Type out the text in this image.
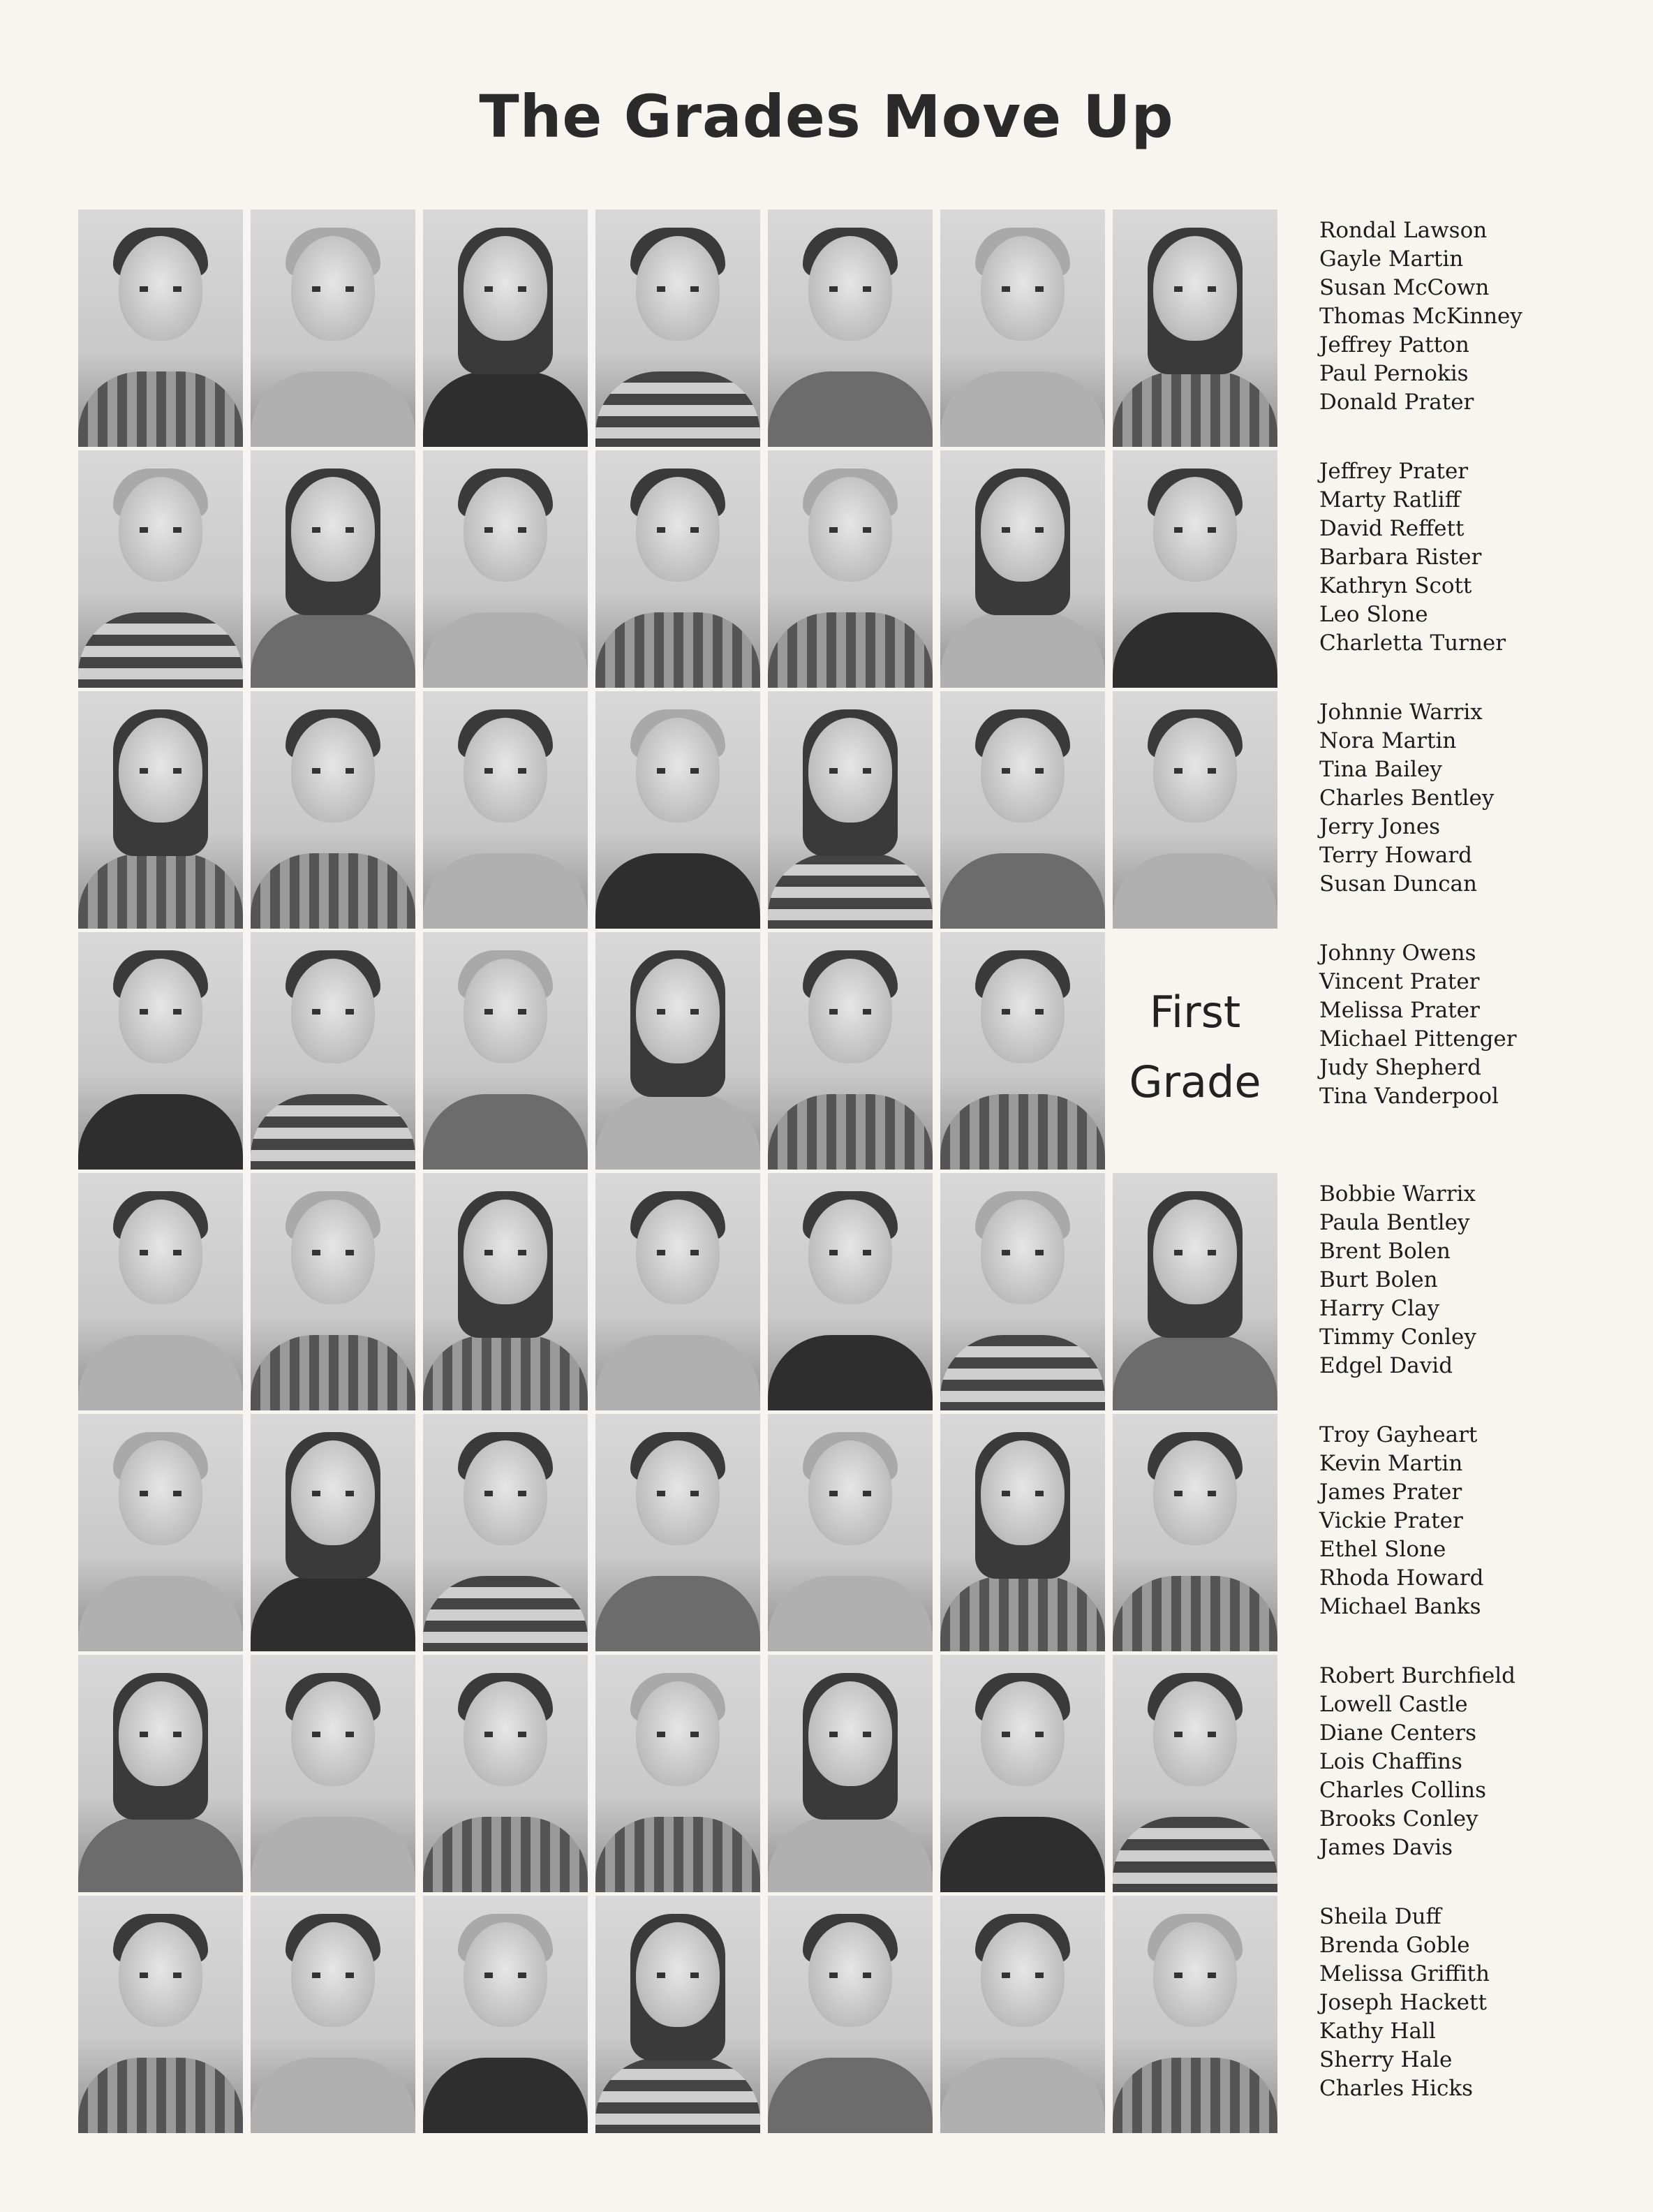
The Grades Move Up
First
Grade
Rondal Lawson
Gayle Martin
Susan McCown
Thomas McKinney
Jeffrey Patton
Paul Pernokis
Donald Prater
Jeffrey Prater
Marty Ratliff
David Reffett
Barbara Rister
Kathryn Scott
Leo Slone
Charletta Turner
Johnnie Warrix
Nora Martin
Tina Bailey
Charles Bentley
Jerry Jones
Terry Howard
Susan Duncan
Johnny Owens
Vincent Prater
Melissa Prater
Michael Pittenger
Judy Shepherd
Tina Vanderpool
Bobbie Warrix
Paula Bentley
Brent Bolen
Burt Bolen
Harry Clay
Timmy Conley
Edgel David
Troy Gayheart
Kevin Martin
James Prater
Vickie Prater
Ethel Slone
Rhoda Howard
Michael Banks
Robert Burchfield
Lowell Castle
Diane Centers
Lois Chaffins
Charles Collins
Brooks Conley
James Davis
Sheila Duff
Brenda Goble
Melissa Griffith
Joseph Hackett
Kathy Hall
Sherry Hale
Charles Hicks
